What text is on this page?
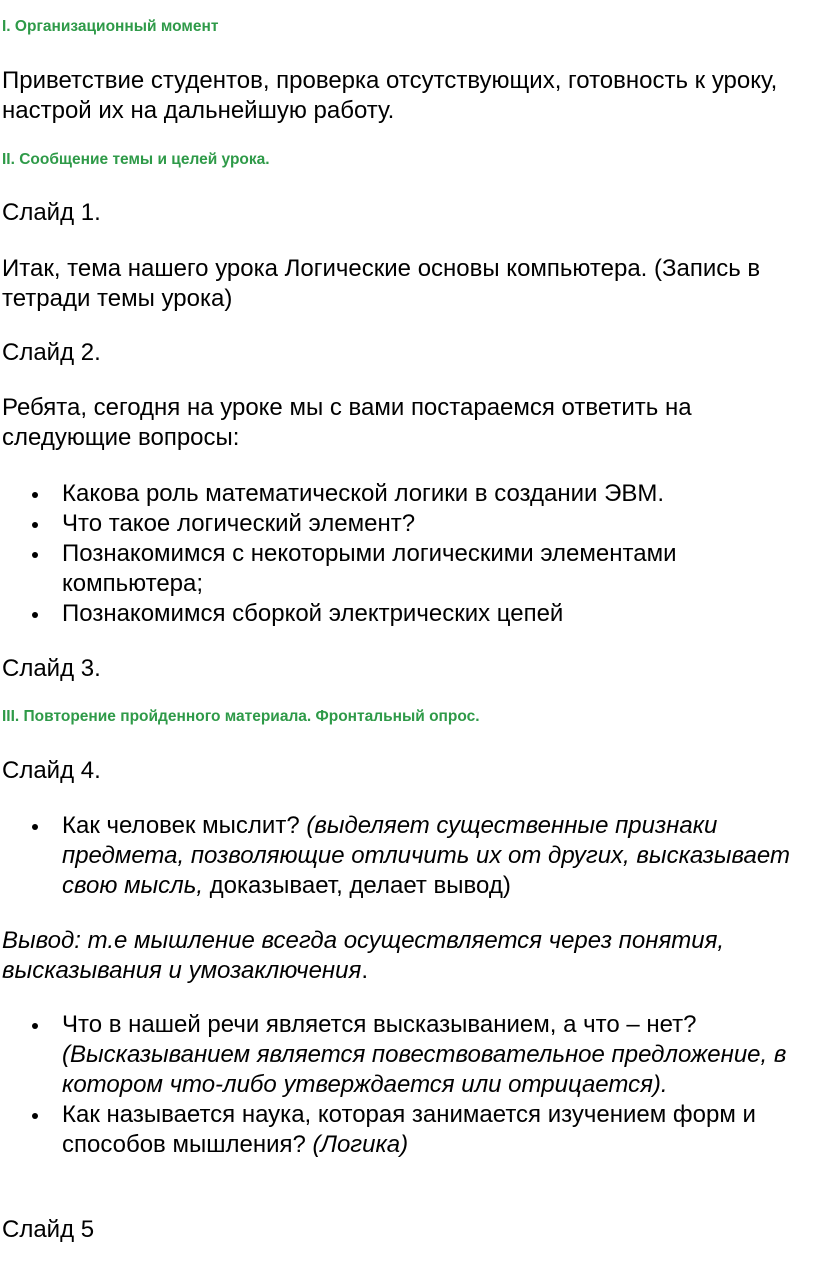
I. Организационный момент
Приветствие студентов, проверка отсутствующих, готовность к уроку, настрой их на дальнейшую работу.
II. Сообщение темы и целей урока.
Слайд 1.
Итак, тема нашего урока Логические основы компьютера. (Запись в тетради темы урока)
Слайд 2.
Ребята, сегодня на уроке мы с вами постараемся ответить на следующие вопросы:
Какова роль математической логики в создании ЭВМ.
Что такое логический элемент?
Познакомимся с некоторыми логическими элементами компьютера;
Познакомимся сборкой электрических цепей
Слайд 3.
III. Повторение пройденного материала. Фронтальный опрос.
Слайд 4.
Как человек мыслит? (выделяет существенные признаки предмета, позволяющие отличить их от других, высказывает свою мысль, доказывает, делает вывод)
Вывод: т.е мышление всегда осуществляется через понятия, высказывания и умозаключения.
Что в нашей речи является высказыванием, а что – нет? (Высказыванием является повествовательное предложение, в котором что-либо утверждается или отрицается).
Как называется наука, которая занимается изучением форм и способов мышления? (Логика)
Слайд 5
